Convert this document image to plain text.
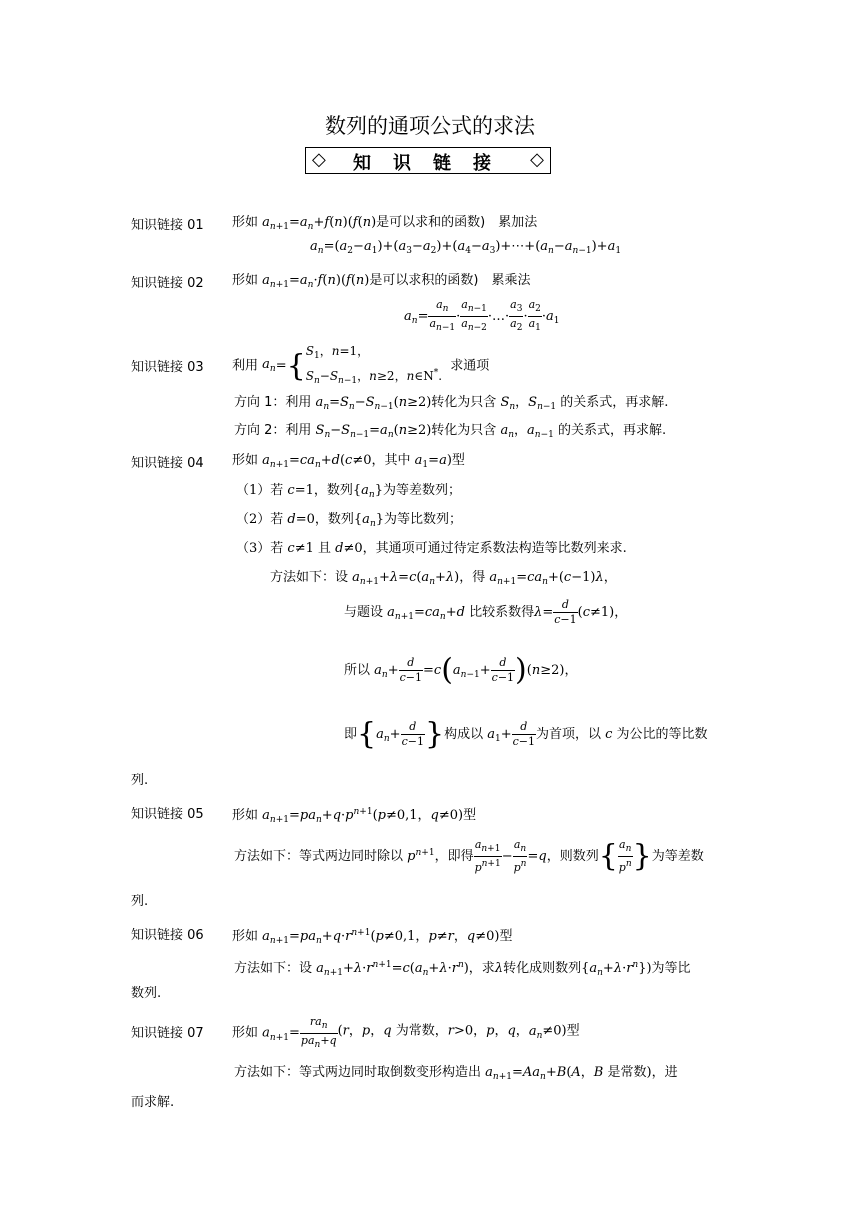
数列的通项公式的求法
◇	知识链接 ◇
知识链接 01 形如 $a_{n+1}=a_n+f(n)(f(n)$是可以求和的函数)　累加法
$a_n=(a_2-a_1)+(a_3-a_2)+(a_4-a_3)+\cdots+(a_n-a_{n-1})+a_1$
知识链接 02 形如 $a_{n+1}=a_n\cdot f(n)(f(n)$是可以求积的函数)　累乘法
$a_n= \frac{a_n}{a_{n-1}} \cdot \frac{a_{n-1}}{a_{n-2}}$ ·…· $\frac{a_3}{a_2} \cdot \frac{a_2}{a_1} \cdot a_1$
知识链接 03 利用 $a_n=\{S_1$，n=1，
$S_n-S_{n-1}$，n≥2，n∈N*.  求通项
方向 1：利用 $a_n=S_n-S_{n-1}(n\ge 2)$转化为只含 $S_n$，$S_{n-1}$ 的关系式，再求解.
方向 2：利用 $S_n-S_{n-1}=a_n(n\ge 2)$转化为只含 $a_n$，$a_{n-1}$ 的关系式，再求解.
知识链接 04 形如 $a_{n+1}=ca_n+d(c\ne 0$，其中 $a_1=a$)型
（1）若 c=1，数列$\{a_n\}$为等差数列；
（2）若 d=0，数列$\{a_n\}$为等比数列；
（3）若 c≠1 且 d≠0，其通项可通过待定系数法构造等比数列来求.
方法如下：设 $a_{n+1}+\lambda=c(a_n+\lambda)$，得 $a_{n+1}=ca_n+(c-1)\lambda$，
与题设 $a_{n+1}=ca_n+d$ 比较系数得$\lambda= \frac{d}{c-1} (c\ne 1)$，
所以 $a_n+ \frac{d}{c-1} =c(a_{n-1}+ \frac{d}{c-1} )(n\ge 2)$，
即{$a_n+ \frac{d}{c-1}$ }构成以 $a_1+ \frac{d}{c-1}$ 为首项，以 c 为公比的等比数
列.
知识链接 05 形如 $a_{n+1}=pa_n+q\cdot p^{n+1}(p\ne 0,1$，q≠0)型
方法如下：等式两边同时除以 $p^{n+1}$，即得 $\frac{a_{n+1}}{p^{n+1}} - \frac{a_n}{p^n} =q$，则数列{ $\frac{a_n}{p^n}$ }为等差数
列.
知识链接 06 形如 $a_{n+1}=pa_n+q\cdot r^{n+1}(p\ne 0,1$，p≠r，q≠0)型
方法如下：设 $a_{n+1}+\lambda\cdot r^{n+1}=c(a_n+\lambda\cdot r^n)$，求λ转化成则数列$\{a_n+\lambda\cdot r^n\}$)为等比
数列.
知识链接 07 形如 $a_{n+1}= \frac{ra_n}{pa_n+q} (r$，p，q 为常数，r>0，p，q，$a_n\ne 0$)型
方法如下：等式两边同时取倒数变形构造出 $a_{n+1}=Aa_n+B(A$，B 是常数)，进
而求解.
